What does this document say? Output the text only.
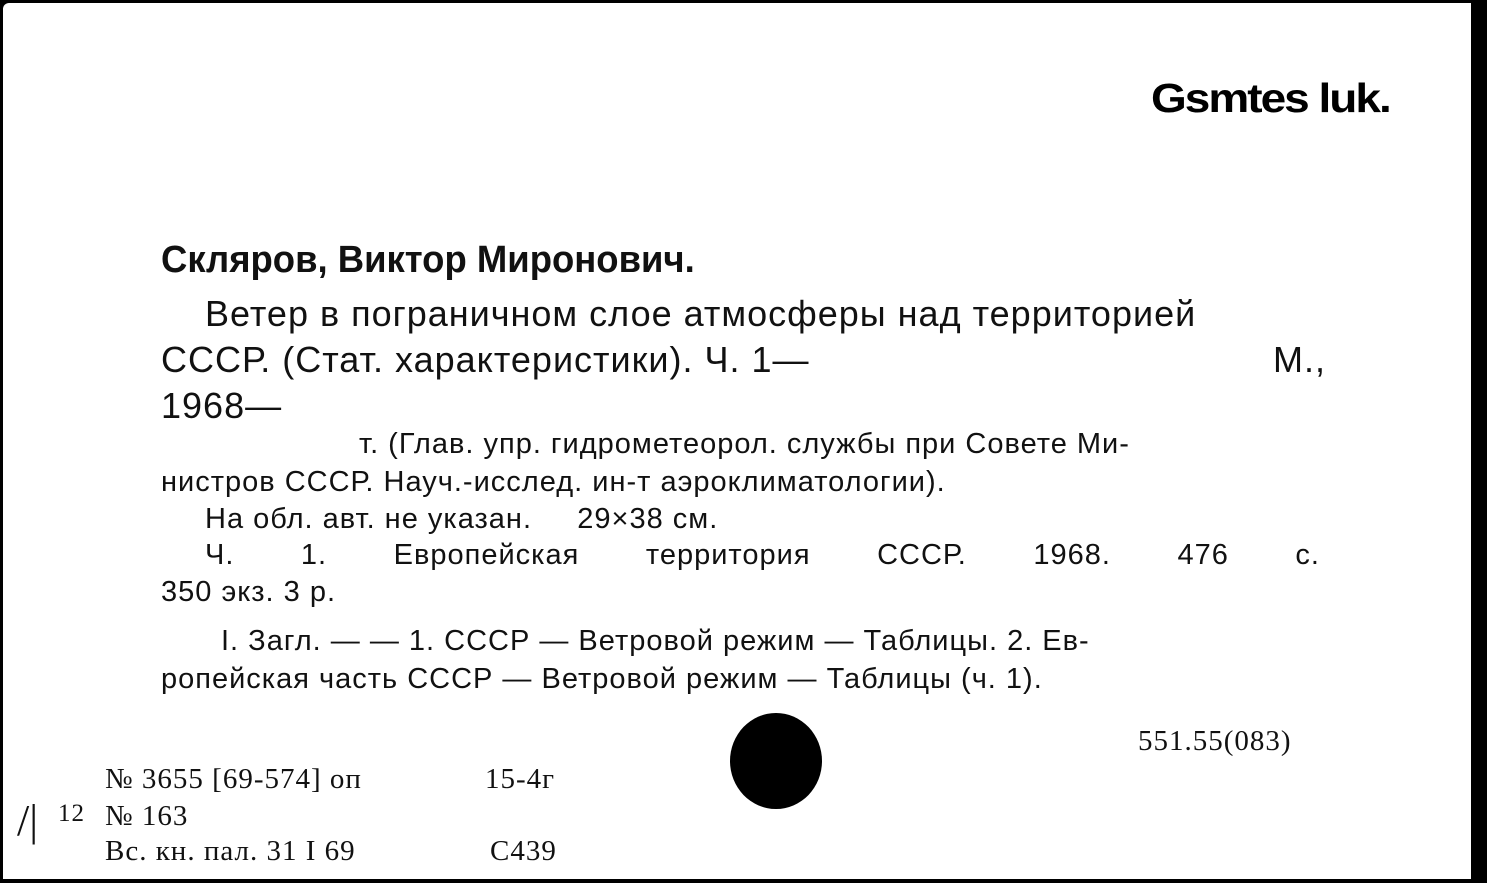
Gsmtes luk.
Скляров, Виктор Миронович.
Ветер в пограничном слое атмосферы над территорией
СССР. (Стат. характеристики). Ч. 1—	М.,
1968—
т. (Глав. упр. гидрометеорол. службы при Совете Ми-
нистров СССР. Науч.-исслед. ин-т аэроклиматологии).
На обл. авт. не указан.     29×38 см.
Ч. 1. Европейская территория СССР. 1968. 476 с.
350 экз. 3 р.
I. Загл. — — 1. СССР — Ветровой режим — Таблицы. 2. Ев-
ропейская часть СССР — Ветровой режим — Таблицы (ч. 1).
551.55(083)
№ 3655 [69-574] оп	15-4г
/| 12 № 163
Вс. кн. пал. 31 I 69	С439
